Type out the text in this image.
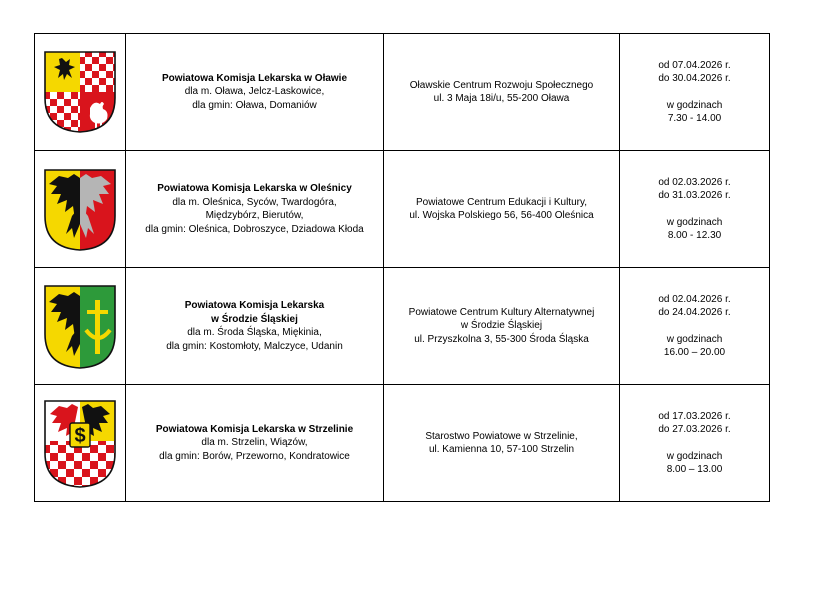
Powiatowa Komisja Lekarska w Oławie
dla m. Oława, Jelcz-Laskowice,
dla gmin: Oława, Domaniów	Oławskie Centrum Rozwoju Społecznego
ul. 3 Maja 18i/u, 55-200 Oława	od 07.04.2026 r.
do 30.04.2026 r.
w godzinach
7.30 - 14.00

Powiatowa Komisja Lekarska w Oleśnicy
dla m. Oleśnica, Syców, Twardogóra,
Międzybórz, Bierutów,
dla gmin: Oleśnica, Dobroszyce, Dziadowa Kłoda	Powiatowe Centrum Edukacji i Kultury,
ul. Wojska Polskiego 56, 56-400 Oleśnica	od 02.03.2026 r.
do 31.03.2026 r.
w godzinach
8.00 - 12.30

Powiatowa Komisja Lekarska
w Środzie Śląskiej
dla m. Środa Śląska, Miękinia,
dla gmin: Kostomłoty, Malczyce, Udanin	Powiatowe Centrum Kultury Alternatywnej
w Środzie Śląskiej
ul. Przyszkolna 3, 55-300 Środa Śląska	od 02.04.2026 r.
do 24.04.2026 r.
w godzinach
16.00 – 20.00

$	Powiatowa Komisja Lekarska w Strzelinie
dla m. Strzelin, Wiązów,
dla gmin: Borów, Przeworno, Kondratowice	Starostwo Powiatowe w Strzelinie,
ul. Kamienna 10, 57-100 Strzelin	od 17.03.2026 r.
do 27.03.2026 r.
w godzinach
8.00 – 13.00
